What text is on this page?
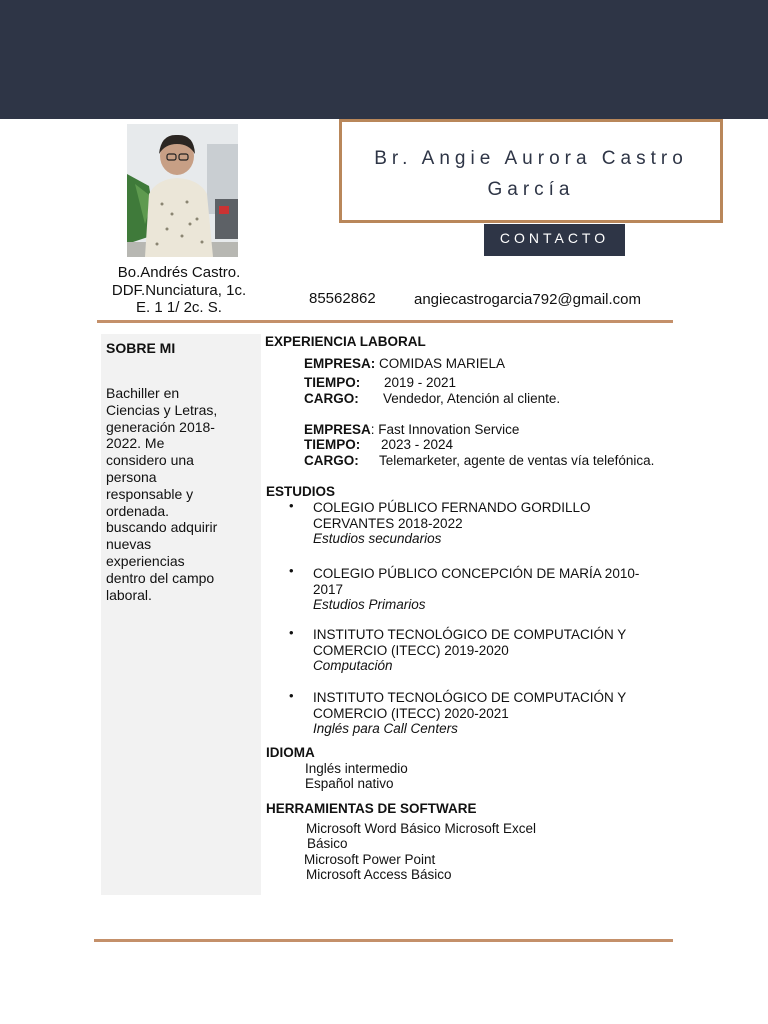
Br. Angie Aurora Castro
García
CONTACTO
Bo.Andrés Castro. DDF.Nunciatura, 1c. E. 1 1/ 2c. S.
85562862	angiecastrogarcia792@gmail.com
SOBRE MI
Bachiller en Ciencias y Letras, generación 2018-2022. Me considero una persona responsable y ordenada. buscando adquirir nuevas experiencias dentro del campo laboral.
EXPERIENCIA LABORAL
EMPRESA: COMIDAS MARIELA
TIEMPO: 2019 - 2021
CARGO: Vendedor, Atención al cliente.
EMPRESA: Fast Innovation Service
TIEMPO: 2023 - 2024
CARGO: Telemarketer, agente de ventas vía telefónica.
ESTUDIOS
• COLEGIO PÚBLICO FERNANDO GORDILLO
CERVANTES 2018-2022
Estudios secundarios
• COLEGIO PÚBLICO CONCEPCIÓN DE MARÍA 2010-
2017
Estudios Primarios
• INSTITUTO TECNOLÓGICO DE COMPUTACIÓN Y
COMERCIO (ITECC) 2019-2020
Computación
• INSTITUTO TECNOLÓGICO DE COMPUTACIÓN Y
COMERCIO (ITECC) 2020-2021
Inglés para Call Centers
IDIOMA
Inglés intermedio
Español nativo
HERRAMIENTAS DE SOFTWARE
Microsoft Word Básico Microsoft Excel
Básico
Microsoft Power Point
Microsoft Access Básico
